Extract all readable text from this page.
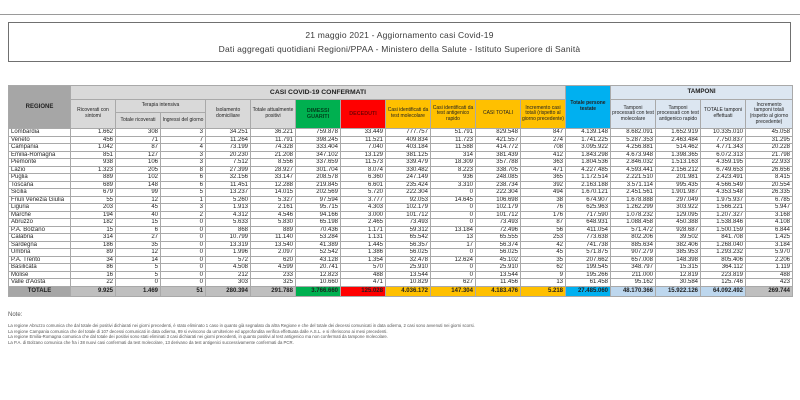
21 maggio 2021 - Aggiornamento casi Covid-19
Dati aggregati quotidiani Regioni/PPAA - Ministero della Salute - Istituto Superiore di Sanità
REGIONE	CASI COVID-19 CONFERMATI											Totale persone testate	TAMPONI			
	Ricoverati con sintomi	Terapia intensiva		Isolamento domiciliare	Totale attualmente positivi	DIMESSI GUARITI	DECEDUTI	Casi identificati da test molecolare	Casi identificati da test antigenico rapido	CASI TOTALI	Incremento casi totali (rispetto al giorno precedente)		Tamponi processati con test molecolare	Tamponi processati con test antigenico rapido	TOTALE tamponi effettuati	Incremento tamponi totali (rispetto al giorno precedente)
		Totale ricoverati	Ingressi del giorno													
Lombardia	1.662	308	3	34.251	36.221	759.878	33.449	777.757	51.791	829.548	847	4.139.148	8.682.091	1.652.919	10.335.010	45.058
Veneto	456	71	7	11.264	11.791	398.245	11.521	409.834	11.723	421.557	274	1.741.225	5.287.353	2.463.484	7.750.837	31.295
Campania	1.042	87	4	73.199	74.328	333.404	7.040	403.184	11.588	414.772	708	3.095.922	4.256.881	514.462	4.771.343	20.228
Emilia-Romagna	851	127	3	20.230	21.208	347.102	13.129	381.125	314	381.439	412	1.843.298	4.673.948	1.398.365	6.072.313	21.798
Piemonte	938	106	3	7.512	8.556	337.659	11.573	339.479	18.309	357.788	363	1.804.536	2.846.032	1.513.163	4.359.195	22.933
Lazio	1.323	205	8	27.399	28.927	301.704	8.074	330.482	8.223	338.705	471	4.227.485	4.593.441	2.156.212	6.749.653	26.656
Puglia	889	102	6	32.156	33.147	208.578	6.360	247.149	936	248.085	365	1.172.514	2.221.510	201.981	2.423.491	8.415
Toscana	689	148	6	11.451	12.288	219.845	6.601	235.424	3.310	238.734	392	2.163.188	3.571.114	995.435	4.566.549	20.554
Sicilia	679	99	5	13.237	14.015	202.569	5.720	222.304	0	222.304	494	1.670.121	2.451.561	1.901.987	4.353.548	26.335
Friuli Venezia Giulia	55	12	1	5.260	5.327	97.594	3.777	92.053	14.645	106.698	38	674.907	1.678.888	297.049	1.975.937	6.785
Liguria	203	45	3	1.913	2.161	95.715	4.303	102.179	0	102.179	76	625.963	1.262.299	303.922	1.566.221	5.947
Marche	194	40	2	4.312	4.546	94.166	3.000	101.712	0	101.712	176	717.590	1.078.232	129.095	1.207.327	3.168
Abruzzo	182	15	0	5.633	5.830	65.198	2.465	73.493	0	73.493	87	648.931	1.088.458	450.388	1.538.846	4.108
P.A. Bolzano	15	6	0	868	889	70.436	1.171	59.312	13.184	72.496	56	411.054	571.472	928.687	1.500.159	6.844
Calabria	314	27	0	10.799	11.140	53.284	1.131	65.542	13	65.555	253	773.638	802.206	39.502	841.708	1.425
Sardegna	186	35	0	13.319	13.540	41.389	1.445	56.357	17	56.374	42	741.738	885.634	382.406	1.268.040	3.184
Umbria	89	12	0	1.996	2.097	52.542	1.386	56.025	0	56.025	45	571.875	907.279	385.953	1.293.232	5.970
P.A. Trento	34	14	0	572	620	43.128	1.354	32.478	12.624	45.102	35	207.662	657.008	148.398	805.406	2.206
Basilicata	86	5	0	4.508	4.599	20.741	570	25.910	0	25.910	62	199.545	348.797	15.315	364.112	1.119
Molise	16	5	0	212	233	12.823	488	13.544	0	13.544	9	195.266	211.000	12.819	223.819	488
Valle d'Aosta	22	0	0	303	325	10.660	471	10.829	627	11.456	13	61.458	95.162	30.584	125.746	423
TOTALE	9.925	1.469	51	280.394	291.788	3.766.660	125.028	4.036.172	147.304	4.183.476	5.218	27.485.060	48.170.366	15.922.126	64.092.492	269.744
Note:
La regione Abruzzo comunica che dal totale dei positivi dichiarati nei giorni precedenti, è stato eliminato 1 caso in quanto già segnalato da altra Regione e che del totale dei decessi comunicati in data odierna, 2 casi sono avvenuti nei giorni scorsi.
La regione Campania comunica che del totale di 107 decessi comunicati in data odierna, 89 si evincono da un'ulteriore ed approfondita verifica effettuata dalle A.S.L. e si riferiscono ai mesi precedenti.
La regione Emilia-Romagna comunica che dal totale dei positivi sono stati eliminati 3 casi dichiarati nei giorni precedenti, in quanto positivi al test antigenico ma non confermati da tampone molecolare.
La P.A. di Bolzano comunica che fra i 38 nuovi casi confermati da test molecolare, 13 derivano da test antigenici successivamente confermati da PCR.
